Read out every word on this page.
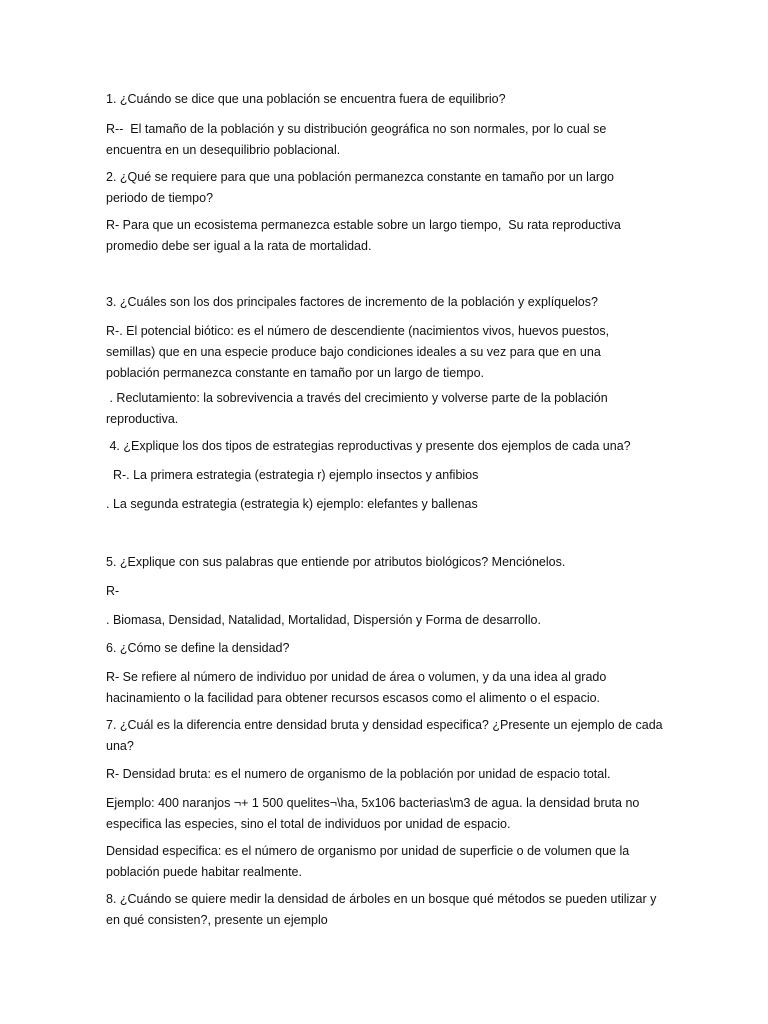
1. ¿Cuándo se dice que una población se encuentra fuera de equilibrio?

R--  El tamaño de la población y su distribución geográfica no son normales, por lo cual se
encuentra en un desequilibrio poblacional.

2. ¿Qué se requiere para que una población permanezca constante en tamaño por un largo
periodo de tiempo?

R- Para que un ecosistema permanezca estable sobre un largo tiempo,  Su rata reproductiva
promedio debe ser igual a la rata de mortalidad.

3. ¿Cuáles son los dos principales factores de incremento de la población y explíquelos?

R-. El potencial biótico: es el número de descendiente (nacimientos vivos, huevos puestos,
semillas) que en una especie produce bajo condiciones ideales a su vez para que en una
población permanezca constante en tamaño por un largo de tiempo.

. Reclutamiento: la sobrevivencia a través del crecimiento y volverse parte de la población
reproductiva.

4. ¿Explique los dos tipos de estrategias reproductivas y presente dos ejemplos de cada una?

R-. La primera estrategia (estrategia r) ejemplo insectos y anfibios

. La segunda estrategia (estrategia k) ejemplo: elefantes y ballenas

5. ¿Explique con sus palabras que entiende por atributos biológicos? Menciónelos.

R-

. Biomasa, Densidad, Natalidad, Mortalidad, Dispersión y Forma de desarrollo.

6. ¿Cómo se define la densidad?

R- Se refiere al número de individuo por unidad de área o volumen, y da una idea al grado
hacinamiento o la facilidad para obtener recursos escasos como el alimento o el espacio.

7. ¿Cuál es la diferencia entre densidad bruta y densidad especifica? ¿Presente un ejemplo de cada
una?

R- Densidad bruta: es el numero de organismo de la población por unidad de espacio total.

Ejemplo: 400 naranjos ¬+ 1 500 quelites¬\ha, 5x106 bacterias\m3 de agua. la densidad bruta no
especifica las especies, sino el total de individuos por unidad de espacio.

Densidad especifica: es el número de organismo por unidad de superficie o de volumen que la
población puede habitar realmente.

8. ¿Cuándo se quiere medir la densidad de árboles en un bosque qué métodos se pueden utilizar y
en qué consisten?, presente un ejemplo
